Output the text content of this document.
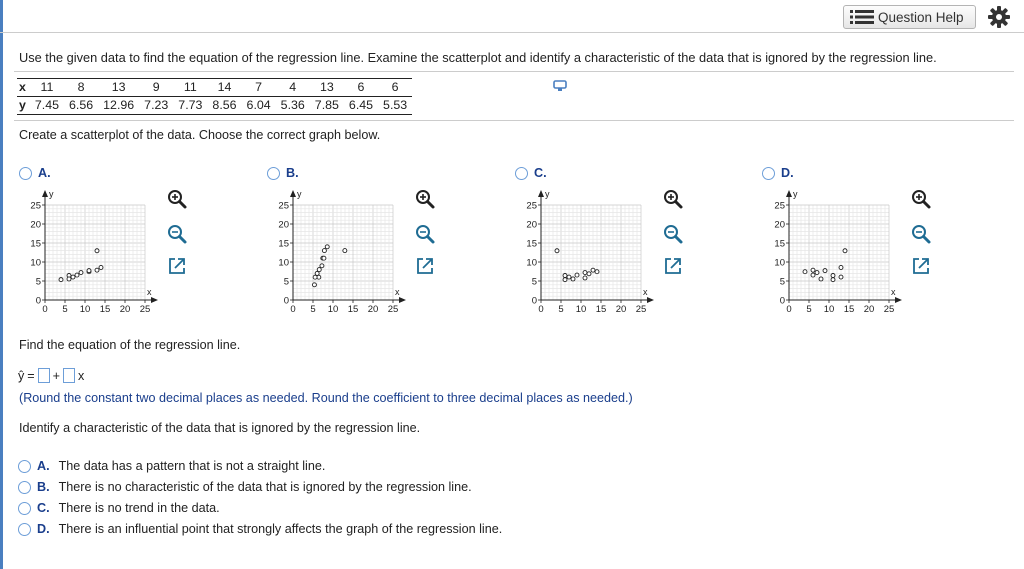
Question Help
Use the given data to find the equation of the regression line. Examine the scatterplot and identify a characteristic of the data that is ignored by the regression line.
x	11	8	13	9	11	14	7	4	13	6	6
y	7.45	6.56	12.96	7.23	7.73	8.56	6.04	5.36	7.85	6.45	5.53
Create a scatterplot of the data. Choose the correct graph below.
A.	B.	C.	D.
y
x
0 5 10 15 20 25
0
5
10
15
20
25
y
x
0 5 10 15 20 25
0
5
10
15
20
25
y
x
0 5 10 15 20 25
0
5
10
15
20
25
y
x
0 5 10 15 20 25
0
5
10
15
20
25
Find the equation of the regression line.
ŷ = + x
(Round the constant two decimal places as needed. Round the coefficient to three decimal places as needed.)
Identify a characteristic of the data that is ignored by the regression line.
A. The data has a pattern that is not a straight line.
B. There is no characteristic of the data that is ignored by the regression line.
C. There is no trend in the data.
D. There is an influential point that strongly affects the graph of the regression line.
